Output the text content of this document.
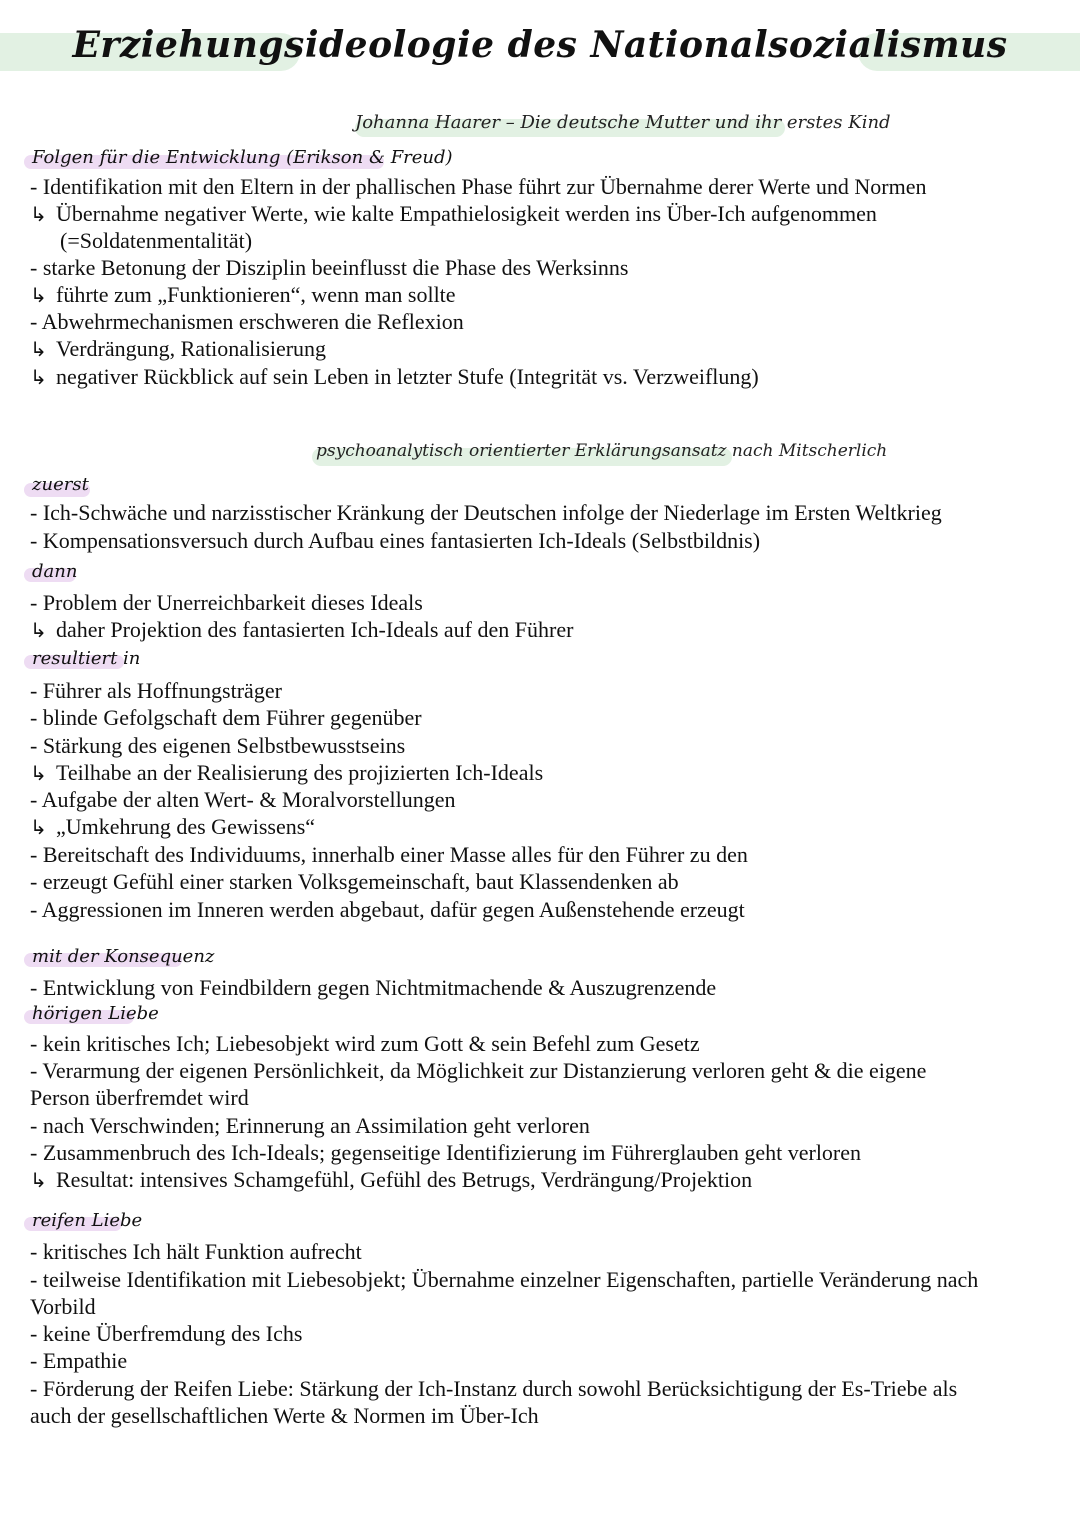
Erziehungsideologie des Nationalsozialismus
Johanna Haarer – Die deutsche Mutter und ihr erstes Kind
Folgen für die Entwicklung (Erikson & Freud)
- Identifikation mit den Eltern in der phallischen Phase führt zur Übernahme derer Werte und Normen
↳ Übernahme negativer Werte, wie kalte Empathielosigkeit werden ins Über-Ich aufgenommen
(=Soldatenmentalität)
- starke Betonung der Disziplin beeinflusst die Phase des Werksinns
↳ führte zum „Funktionieren“, wenn man sollte
- Abwehrmechanismen erschweren die Reflexion
↳ Verdrängung, Rationalisierung
↳ negativer Rückblick auf sein Leben in letzter Stufe (Integrität vs. Verzweiflung)
psychoanalytisch orientierter Erklärungsansatz nach Mitscherlich
zuerst
- Ich-Schwäche und narzisstischer Kränkung der Deutschen infolge der Niederlage im Ersten Weltkrieg
- Kompensationsversuch durch Aufbau eines fantasierten Ich-Ideals (Selbstbildnis)
dann
- Problem der Unerreichbarkeit dieses Ideals
↳ daher Projektion des fantasierten Ich-Ideals auf den Führer
resultiert in
- Führer als Hoffnungsträger
- blinde Gefolgschaft dem Führer gegenüber
- Stärkung des eigenen Selbstbewusstseins
↳ Teilhabe an der Realisierung des projizierten Ich-Ideals
- Aufgabe der alten Wert- & Moralvorstellungen
↳ „Umkehrung des Gewissens“
- Bereitschaft des Individuums, innerhalb einer Masse alles für den Führer zu den
- erzeugt Gefühl einer starken Volksgemeinschaft, baut Klassendenken ab
- Aggressionen im Inneren werden abgebaut, dafür gegen Außenstehende erzeugt
mit der Konsequenz
- Entwicklung von Feindbildern gegen Nichtmitmachende & Auszugrenzende
hörigen Liebe
- kein kritisches Ich; Liebesobjekt wird zum Gott & sein Befehl zum Gesetz
- Verarmung der eigenen Persönlichkeit, da Möglichkeit zur Distanzierung verloren geht & die eigene
Person überfremdet wird
- nach Verschwinden; Erinnerung an Assimilation geht verloren
- Zusammenbruch des Ich-Ideals; gegenseitige Identifizierung im Führerglauben geht verloren
↳ Resultat: intensives Schamgefühl, Gefühl des Betrugs, Verdrängung/Projektion
reifen Liebe
- kritisches Ich hält Funktion aufrecht
- teilweise Identifikation mit Liebesobjekt; Übernahme einzelner Eigenschaften, partielle Veränderung nach
Vorbild
- keine Überfremdung des Ichs
- Empathie
- Förderung der Reifen Liebe: Stärkung der Ich-Instanz durch sowohl Berücksichtigung der Es-Triebe als
auch der gesellschaftlichen Werte & Normen im Über-Ich
